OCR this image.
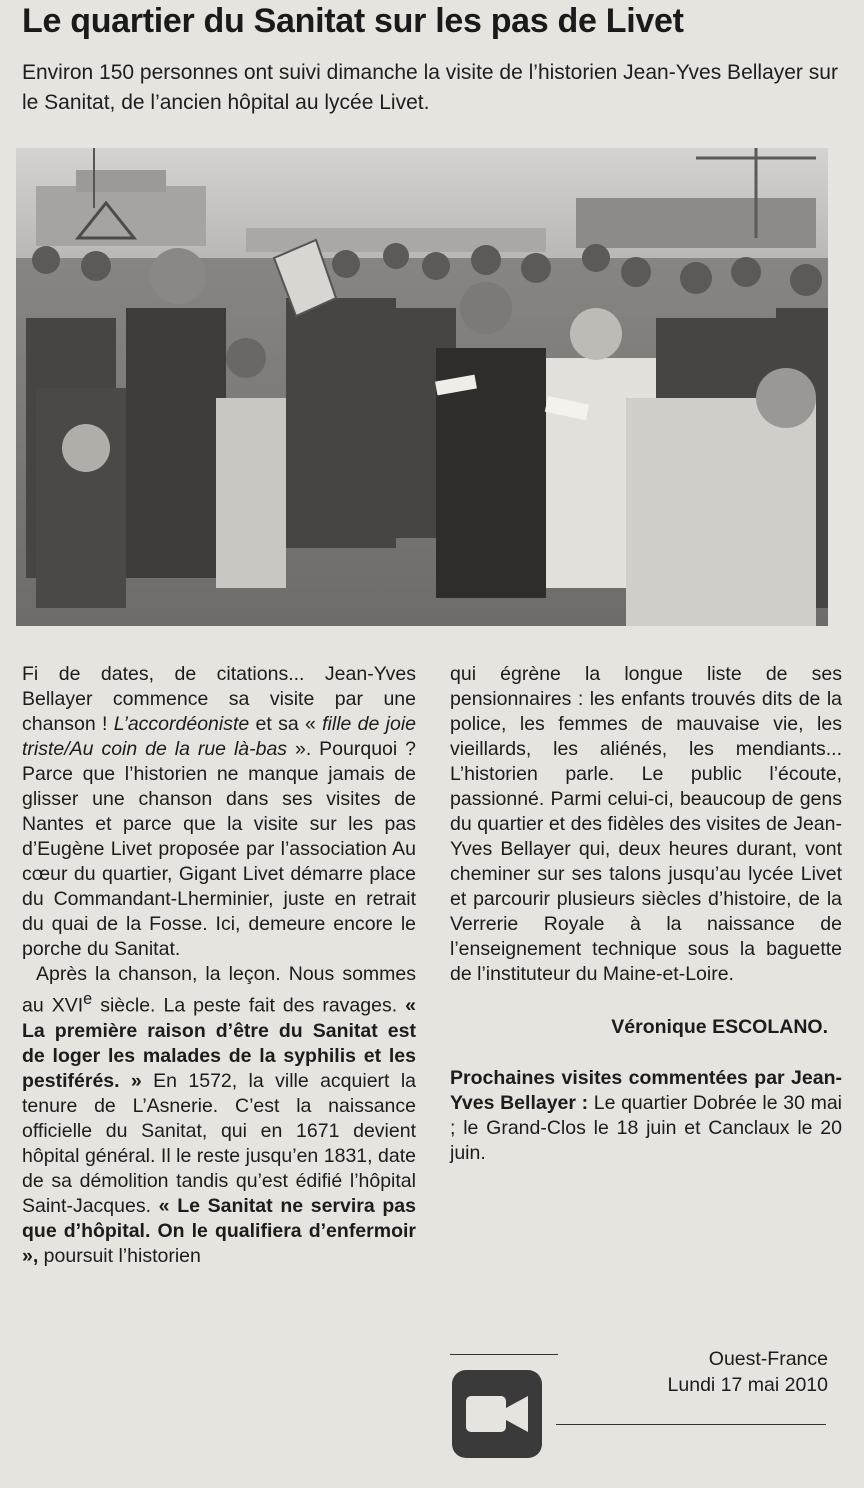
Le quartier du Sanitat sur les pas de Livet

Environ 150 personnes ont suivi dimanche la visite de l’historien Jean-Yves Bellayer sur le Sanitat, de l’ancien hôpital au lycée Livet.

Fi de dates, de citations... Jean-Yves Bellayer commence sa visite par une chanson ! L’accordéoniste et sa « fille de joie triste/Au coin de la rue là-bas ». Pourquoi ? Parce que l’historien ne manque jamais de glisser une chanson dans ses visites de Nantes et parce que la visite sur les pas d’Eugène Livet proposée par l’association Au cœur du quartier, Gigant Livet démarre place du Commandant-Lherminier, juste en retrait du quai de la Fosse. Ici, demeure encore le porche du Sanitat.

Après la chanson, la leçon. Nous sommes au XVIe siècle. La peste fait des ravages. « La première raison d’être du Sanitat est de loger les malades de la syphilis et les pestiférés. » En 1572, la ville acquiert la tenure de L’Asnerie. C’est la naissance officielle du Sanitat, qui en 1671 devient hôpital général. Il le reste jusqu’en 1831, date de sa démolition tandis qu’est édifié l’hôpital Saint-Jacques. « Le Sanitat ne servira pas que d’hôpital. On le qualifiera d’enfermoir », poursuit l’historien

qui égrène la longue liste de ses pensionnaires : les enfants trouvés dits de la police, les femmes de mauvaise vie, les vieillards, les aliénés, les mendiants... L’historien parle. Le public l’écoute, passionné. Parmi celui-ci, beaucoup de gens du quartier et des fidèles des visites de Jean-Yves Bellayer qui, deux heures durant, vont cheminer sur ses talons jusqu’au lycée Livet et parcourir plusieurs siècles d’histoire, de la Verrerie Royale à la naissance de l’enseignement technique sous la baguette de l’instituteur du Maine-et-Loire.

Véronique ESCOLANO.

Prochaines visites commentées par Jean-Yves Bellayer : Le quartier Dobrée le 30 mai ; le Grand-Clos le 18 juin et Canclaux le 20 juin.

Ouest-France
Lundi 17 mai 2010
